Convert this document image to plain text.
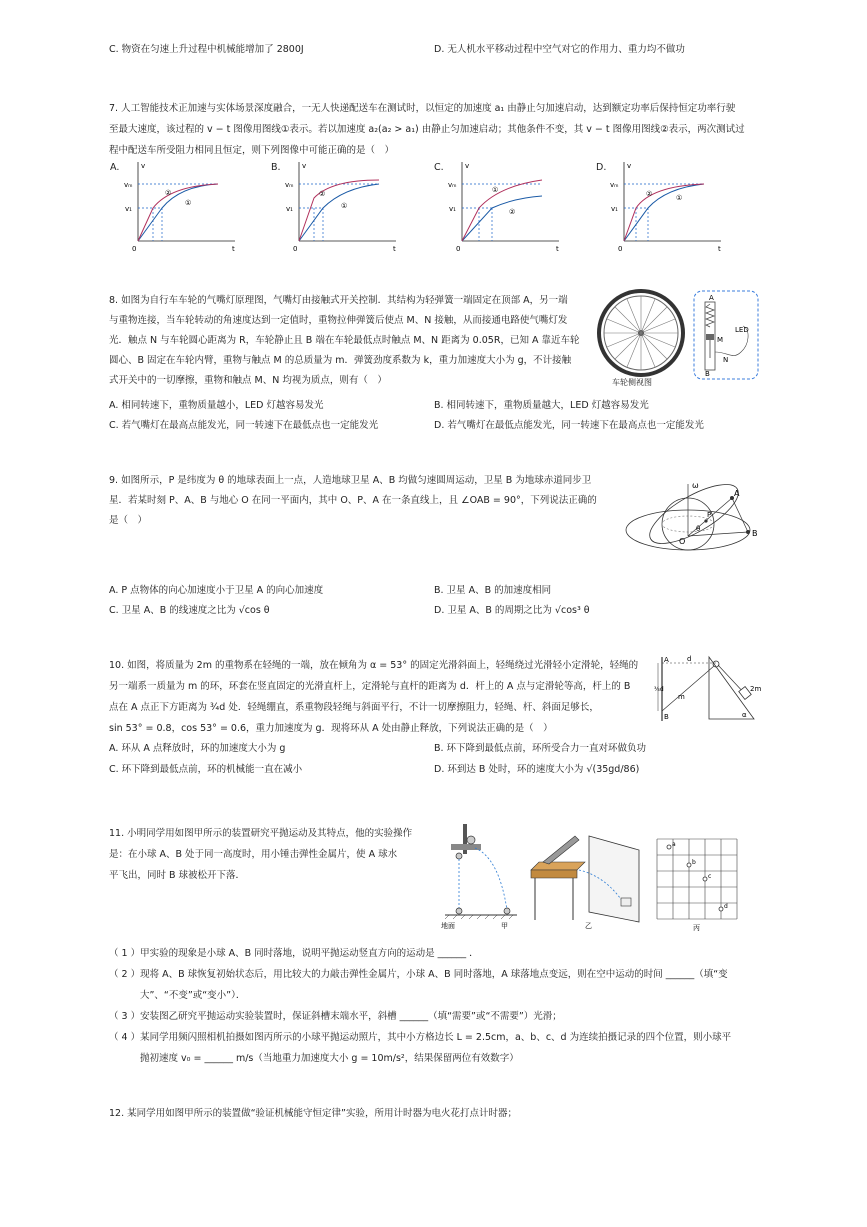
C. 物资在匀速上升过程中机械能增加了 2800J	D. 无人机水平移动过程中空气对它的作用力、重力均不做功
7. 人工智能技术正加速与实体场景深度融合，一无人快递配送车在测试时，以恒定的加速度 a₁ 由静止匀加速启动，达到额定功率后保持恒定功率行驶
至最大速度，该过程的 v − t 图像用图线①表示。若以加速度 a₂(a₂ > a₁) 由静止匀加速启动；其他条件不变，其 v − t 图像用图线②表示，两次测试过
程中配送车所受阻力相同且恒定，则下列图像中可能正确的是（　）
A.	v
t
0
vₘ
v₁
②
①
B.	v
t
0
vₘ
v₁
②
①
C.	v
t
0
vₘ
v₁
①
②
D.	v
t
0
vₘ
v₁
②	①
8. 如图为自行车车轮的气嘴灯原理图，气嘴灯由接触式开关控制．其结构为轻弹簧一端固定在顶部 A，另一端
与重物连接，当车轮转动的角速度达到一定值时，重物拉伸弹簧后使点 M、N 接触，从而接通电路使气嘴灯发
光．触点 N 与车轮圆心距离为 R，车轮静止且 B 端在车轮最低点时触点 M、N 距离为 0.05R，已知 A 靠近车轮
圆心、B 固定在车轮内臂，重物与触点 M 的总质量为 m．弹簧劲度系数为 k，重力加速度大小为 g，不计接触
式开关中的一切摩擦，重物和触点 M、N 均视为质点，则有（　）	车轮侧视图
A
B
M
N
LED
A. 相同转速下，重物质量越小，LED 灯越容易发光	B. 相同转速下，重物质量越大，LED 灯越容易发光
C. 若气嘴灯在最高点能发光，同一转速下在最低点也一定能发光	D. 若气嘴灯在最低点能发光，同一转速下在最高点也一定能发光
9. 如图所示，P 是纬度为 θ 的地球表面上一点，人造地球卫星 A、B 均做匀速圆周运动，卫星 B 为地球赤道同步卫
星．若某时刻 P、A、B 与地心 O 在同一平面内，其中 O、P、A 在一条直线上，且 ∠OAB = 90°，下列说法正确的
是（　）
O
P
A
B
ω
θ
A. P 点物体的向心加速度小于卫星 A 的向心加速度	B. 卫星 A、B 的加速度相同
C. 卫星 A、B 的线速度之比为 √cos θ	D. 卫星 A、B 的周期之比为 √cos³ θ
10. 如图，将质量为 2m 的重物系在轻绳的一端，放在倾角为 α = 53° 的固定光滑斜面上，轻绳绕过光滑轻小定滑轮，轻绳的
另一端系一质量为 m 的环，环套在竖直固定的光滑直杆上，定滑轮与直杆的距离为 d．杆上的 A 点与定滑轮等高，杆上的 B
点在 A 点正下方距离为 ¾d 处．轻绳绷直，系重物段轻绳与斜面平行，不计一切摩擦阻力，轻绳、杆、斜面足够长，
sin 53° = 0.8，cos 53° = 0.6，重力加速度为 g．现将环从 A 处由静止释放，下列说法正确的是（　）
A
B
d
2m
α
¾d
m
A. 环从 A 点释放时，环的加速度大小为 g	B. 环下降到最低点前，环所受合力一直对环做负功
C. 环下降到最低点前，环的机械能一直在减小	D. 环到达 B 处时，环的速度大小为 √(35gd/86)
11. 小明同学用如图甲所示的装置研究平抛运动及其特点，他的实验操作
是：在小球 A、B 处于同一高度时，用小锤击弹性金属片，使 A 球水
平飞出，同时 B 球被松开下落．
地面	甲	乙
a
b
c
d
丙
（ 1 ）甲实验的现象是小球 A、B 同时落地，说明平抛运动竖直方向的运动是 ______ ．
（ 2 ）现将 A、B 球恢复初始状态后，用比较大的力敲击弹性金属片，小球 A、B 同时落地，A 球落地点变远，则在空中运动的时间 ______（填“变
大”、“不变”或“变小”）．
（ 3 ）安装图乙研究平抛运动实验装置时，保证斜槽末端水平，斜槽 ______（填“需要”或“不需要”）光滑；
（ 4 ）某同学用频闪照相机拍摄如图丙所示的小球平抛运动照片，其中小方格边长 L = 2.5cm，a、b、c、d 为连续拍摄记录的四个位置，则小球平
抛初速度 v₀ = ______ m/s（当地重力加速度大小 g = 10m/s²，结果保留两位有效数字）
12. 某同学用如图甲所示的装置做“验证机械能守恒定律”实验，所用计时器为电火花打点计时器；
